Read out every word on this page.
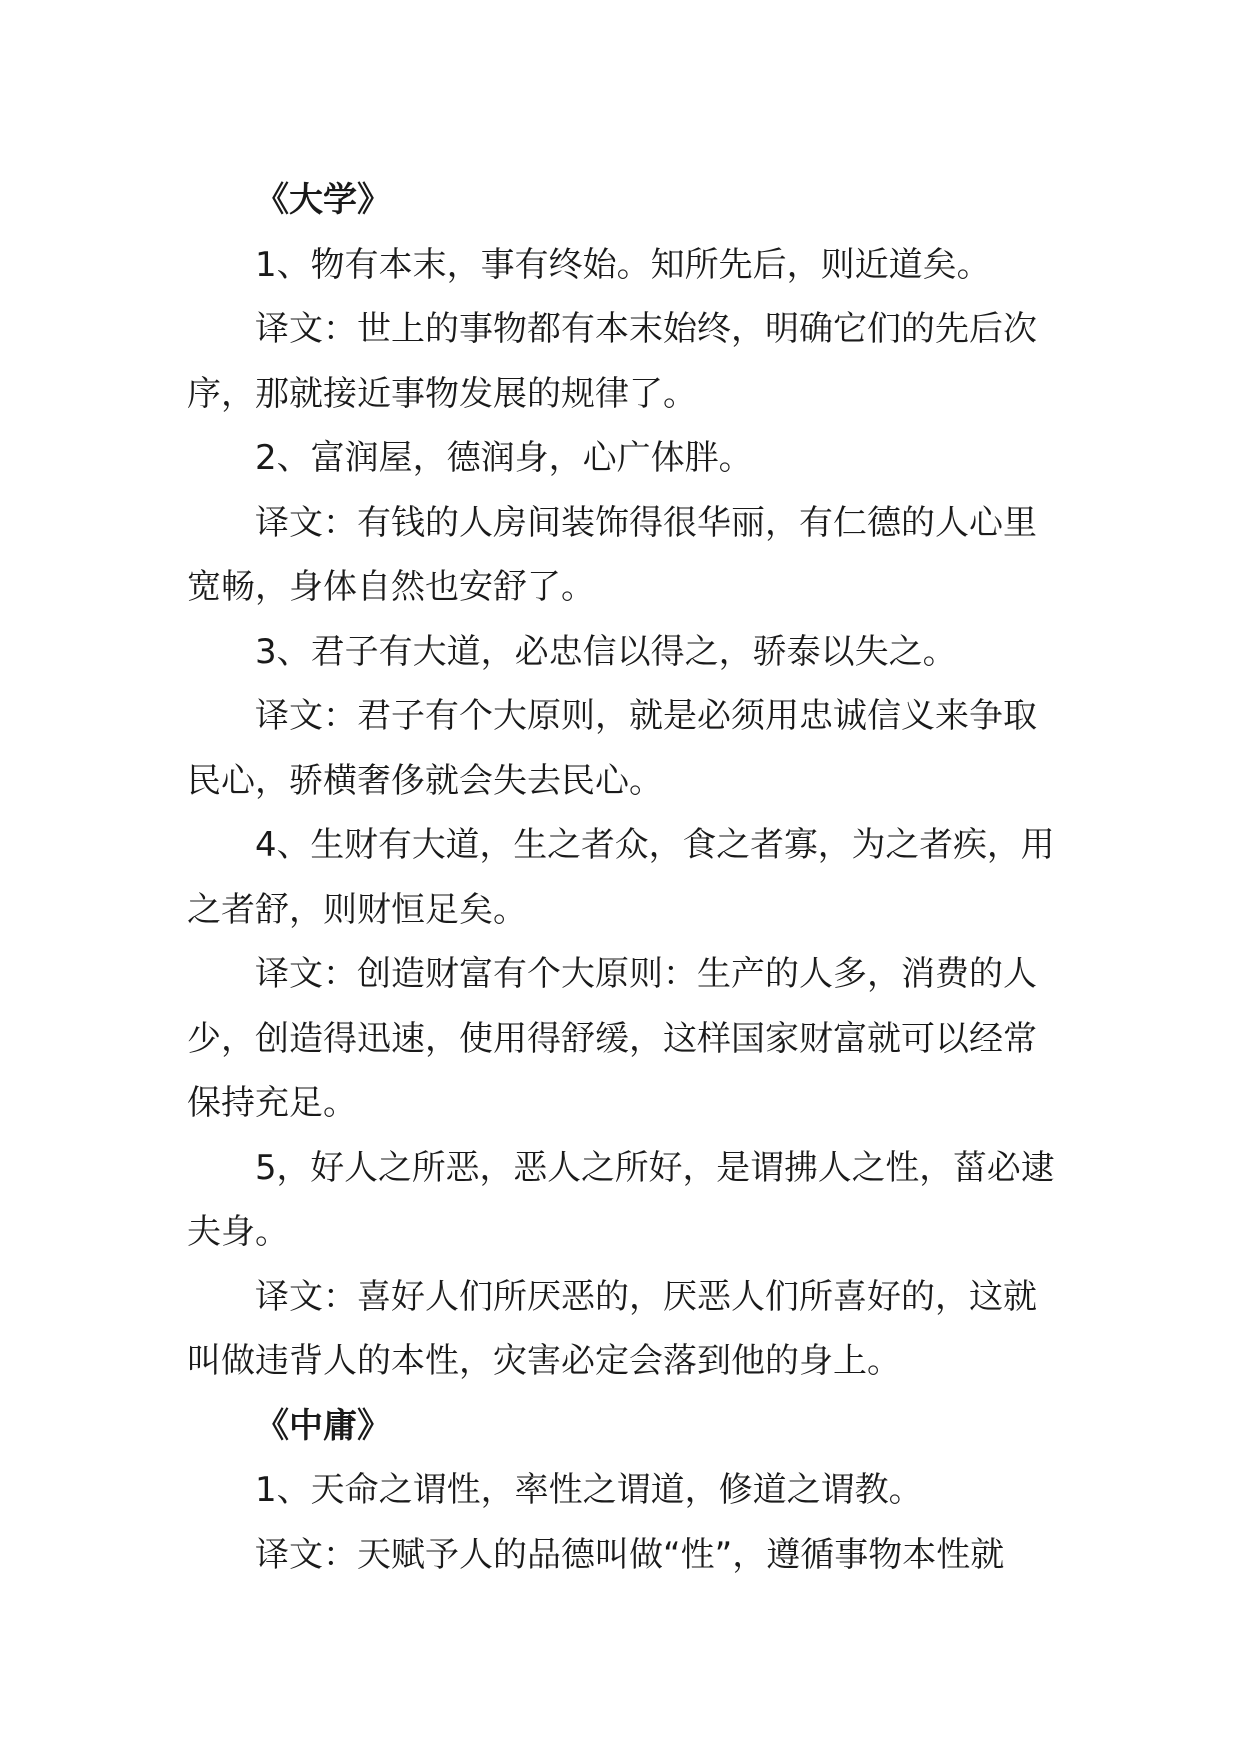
《大学》
1、物有本末，事有终始。知所先后，则近道矣。
译文：世上的事物都有本末始终，明确它们的先后次
序，那就接近事物发展的规律了。
2、富润屋，德润身，心广体胖。
译文：有钱的人房间装饰得很华丽，有仁德的人心里
宽畅，身体自然也安舒了。
3、君子有大道，必忠信以得之，骄泰以失之。
译文：君子有个大原则，就是必须用忠诚信义来争取
民心，骄横奢侈就会失去民心。
4、生财有大道，生之者众，食之者寡，为之者疾，用
之者舒，则财恒足矣。
译文：创造财富有个大原则：生产的人多，消费的人
少，创造得迅速，使用得舒缓，这样国家财富就可以经常
保持充足。
5，好人之所恶，恶人之所好，是谓拂人之性，菑必逮
夫身。
译文：喜好人们所厌恶的，厌恶人们所喜好的，这就
叫做违背人的本性，灾害必定会落到他的身上。
《中庸》
1、天命之谓性，率性之谓道，修道之谓教。
译文：天赋予人的品德叫做“性”，遵循事物本性就
